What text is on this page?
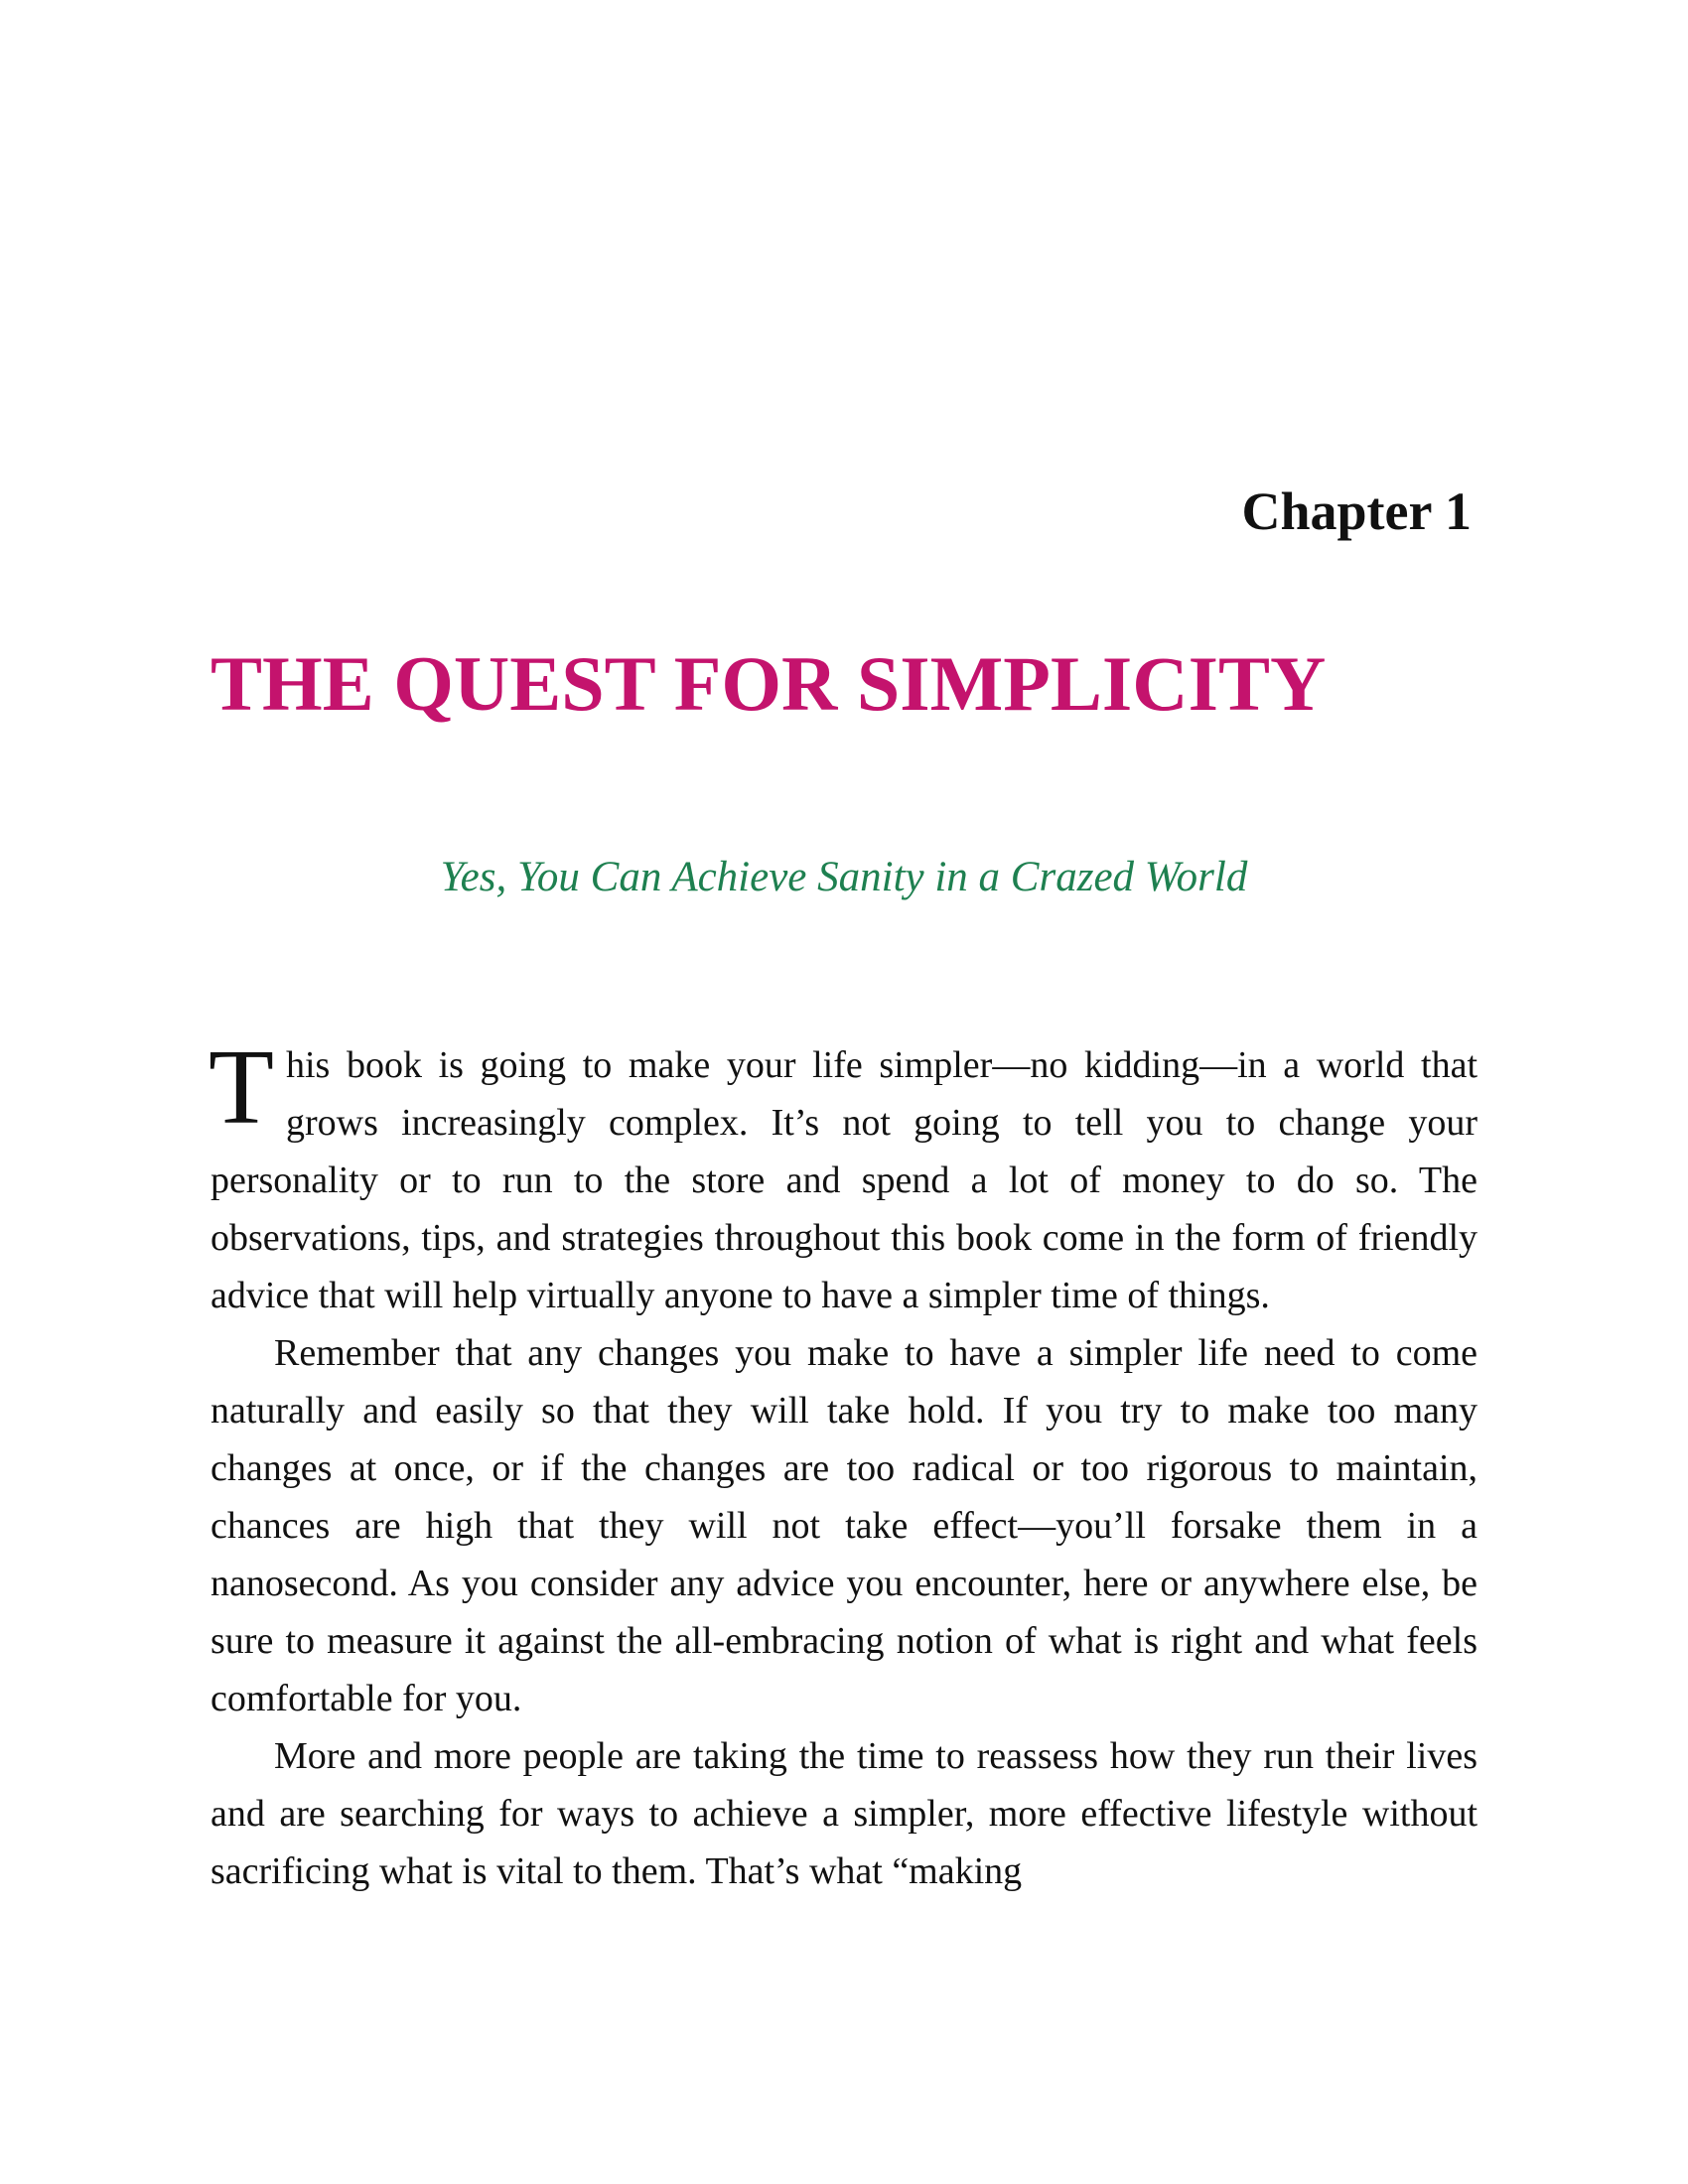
Chapter 1
THE QUEST FOR SIMPLICITY
Yes, You Can Achieve Sanity in a Crazed World

This book is going to make your life simpler—no kidding—in a world that grows increasingly complex. It’s not going to tell you to change your personality or to run to the store and spend a lot of money to do so. The observations, tips, and strategies throughout this book come in the form of friendly advice that will help virtually anyone to have a simpler time of things.

Remember that any changes you make to have a simpler life need to come naturally and easily so that they will take hold. If you try to make too many changes at once, or if the changes are too radical or too rigorous to maintain, chances are high that they will not take effect—you’ll forsake them in a nanosecond. As you consider any advice you encounter, here or anywhere else, be sure to measure it against the all-embracing notion of what is right and what feels comfortable for you.

More and more people are taking the time to reassess how they run their lives and are searching for ways to achieve a simpler, more effective lifestyle without sacrificing what is vital to them. That’s what “making
